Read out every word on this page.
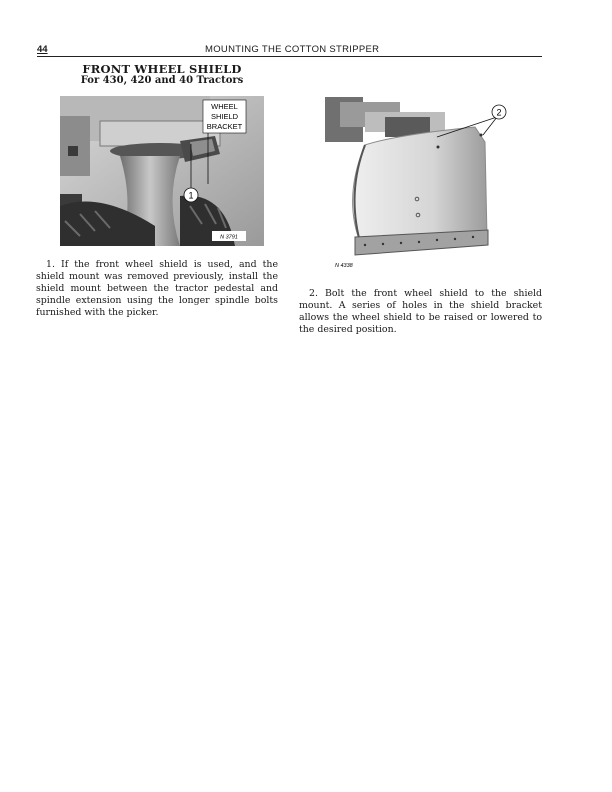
44	MOUNTING THE COTTON STRIPPER
FRONT WHEEL SHIELD
For 430, 420 and 40 Tractors
1
WHEEL
SHIELD
BRACKET
N 3791
2
N 4338

1. If the front wheel shield is used, and the shield mount was removed previously, install the shield mount between the tractor pedestal and spindle extension using the longer spindle bolts furnished with the picker.

2. Bolt the front wheel shield to the shield mount. A series of holes in the shield bracket allows the wheel shield to be raised or lowered to the desired position.
